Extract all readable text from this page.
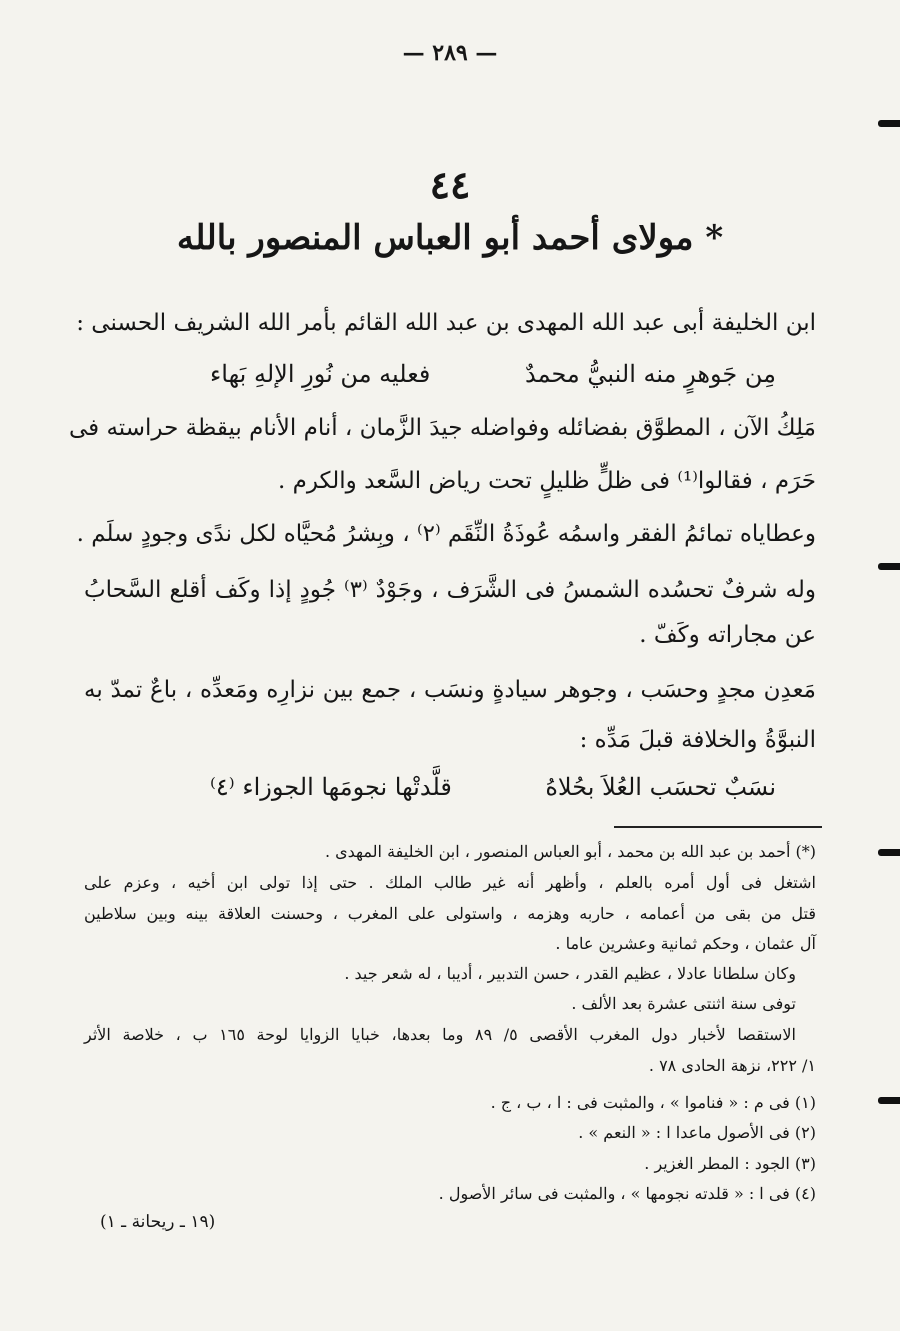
— ٢٨٩ —
٤٤
مولاى أحمد أبو العباس المنصور بالله *
ابن الخليفة أبى عبد الله المهدى بن عبد الله القائم بأمر الله الشريف الحسنى :
مِن جَوهرٍ منه النبيُّ محمدٌ
فعليه من نُورِ الإلهِ بَهاء
مَلِكُ الآن ، المطوَّق بفضائله وفواضله جيدَ الزَّمان ، أنام الأنام بيقظة حراسته فى
حَرَم ، فقالوا⁽¹⁾ فى ظلٍّ ظليلٍ تحت رياض السَّعد والكرم .
وعطاياه تمائمُ الفقر واسمُه عُوذَةُ النِّقَم ⁽٢⁾ ، وبِشرُ مُحيَّاه لكل ندًى وجودٍ سلَم .
وله شرفٌ تحسُده الشمسُ فى الشَّرَف ، وجَوْدٌ ⁽٣⁾ جُودٍ إذا وكَف أقلع السَّحابُ
عن مجاراته وكَفّ .
مَعدِن مجدٍ وحسَب ، وجوهر سيادةٍ ونسَب ، جمع بين نزارِه ومَعدِّه ، باعٌ تمدّ به
النبوَّةُ والخلافة قبلَ مَدِّه :
نسَبٌ تحسَب العُلاَ بحُلاهُ
قلَّدتْها نجومَها الجوزاء ⁽٤⁾
(*) أحمد بن عبد الله بن محمد ، أبو العباس المنصور ، ابن الخليفة المهدى .
اشتغل فى أول أمره بالعلم ، وأظهر أنه غير طالب الملك . حتى إذا تولى ابن أخيه ، وعزم على
قتل من بقى من أعمامه ، حاربه وهزمه ، واستولى على المغرب ، وحسنت العلاقة بينه وبين سلاطين
آل عثمان ، وحكم ثمانية وعشرين عاما .
وكان سلطانا عادلا ، عظيم القدر ، حسن التدبير ، أديبا ، له شعر جيد .
توفى سنة اثنتى عشرة بعد الألف .
الاستقصا لأخبار دول المغرب الأقصى ٥/ ٨٩ وما بعدها، خبايا الزوايا لوحة ١٦٥ ب ، خلاصة الأثر
١/ ٢٢٢، نزهة الحادى ٧٨ .
(١) فى م : « فناموا » ، والمثبت فى : ا ، ب ، ج .
(٢) فى الأصول ماعدا ا : « النعم » .
(٣) الجود : المطر الغزير .
(٤) فى ا : « قلدته نجومها » ، والمثبت فى سائر الأصول .
(١٩ ـ ريحانة ـ ١)
